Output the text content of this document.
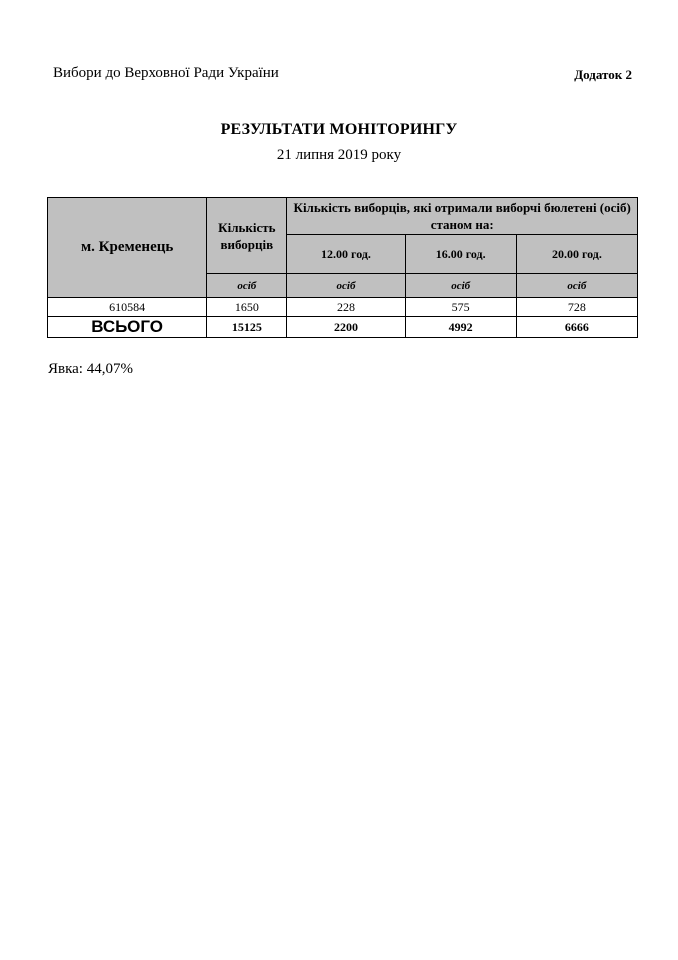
Вибори до Верховної Ради України	Додаток 2
РЕЗУЛЬТАТИ МОНІТОРИНГУ
21 липня 2019 року
м. Кременець	Кількість виборців	Кількість виборців, які отримали виборчі бюлетені (осіб) станом на:		
		12.00 год.	16.00 год.	20.00 год.
	осіб	осіб	осіб	осіб
610584	1650	228	575	728
ВСЬОГО	15125	2200	4992	6666
Явка: 44,07%
